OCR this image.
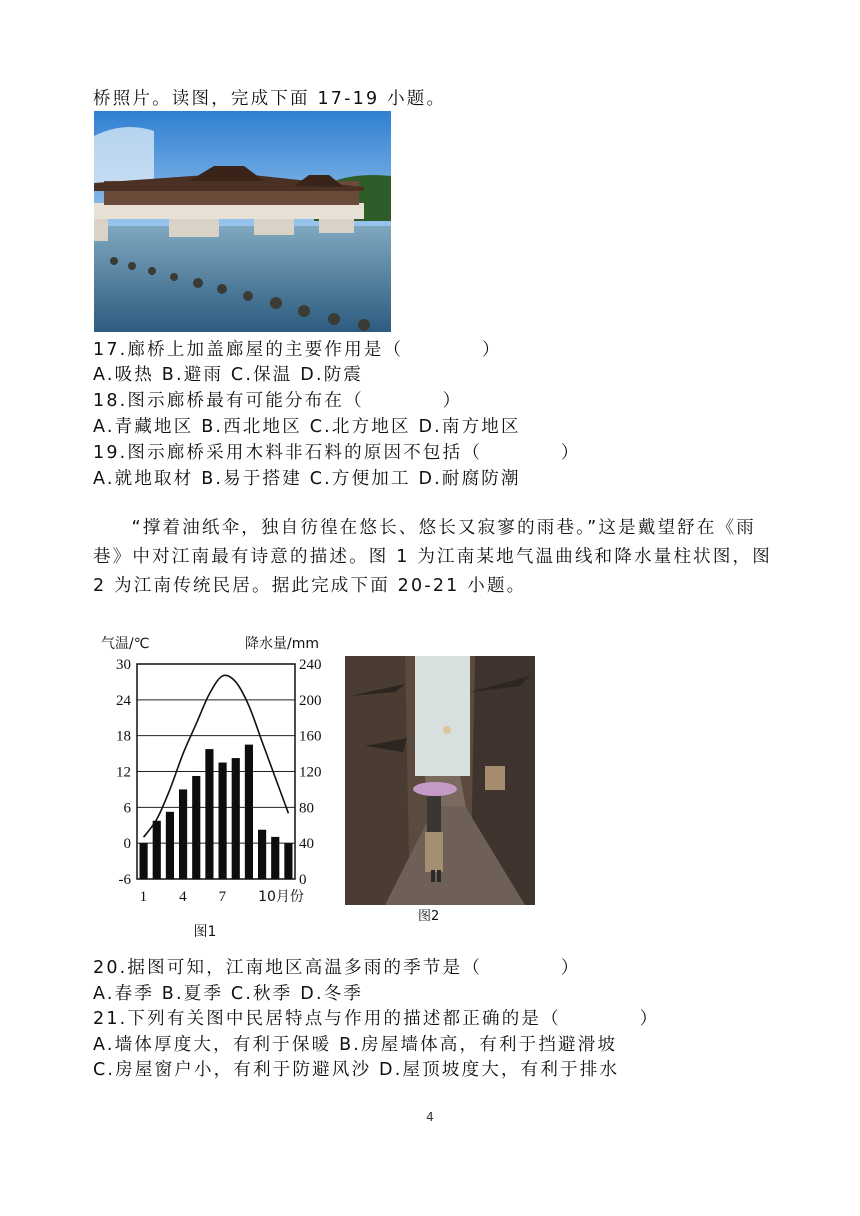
桥照片。读图，完成下面 17-19 小题。
17.廊桥上加盖廊屋的主要作用是（　　　　）
A.吸热 B.避雨 C.保温 D.防震
18.图示廊桥最有可能分布在（　　　　）
A.青藏地区 B.西北地区 C.北方地区 D.南方地区
19.图示廊桥采用木料非石料的原因不包括（　　　　）
A.就地取材 B.易于搭建 C.方便加工 D.耐腐防潮
“撑着油纸伞，独自彷徨在悠长、悠长又寂寥的雨巷。”这是戴望舒在《雨巷》中对江南最有诗意的描述。图 1 为江南某地气温曲线和降水量柱状图，图 2 为江南传统民居。据此完成下面 20-21 小题。
气温/℃	降水量/mm
30
24
18
12
6
0
-6
240
200
160
120
80
40
0
1 4 7 10月份
图1
图2
20.据图可知，江南地区高温多雨的季节是（　　　　）
A.春季 B.夏季 C.秋季 D.冬季
21.下列有关图中民居特点与作用的描述都正确的是（　　　　）
A.墙体厚度大，有利于保暖 B.房屋墙体高，有利于挡避滑坡
C.房屋窗户小，有利于防避风沙 D.屋顶坡度大，有利于排水
4
